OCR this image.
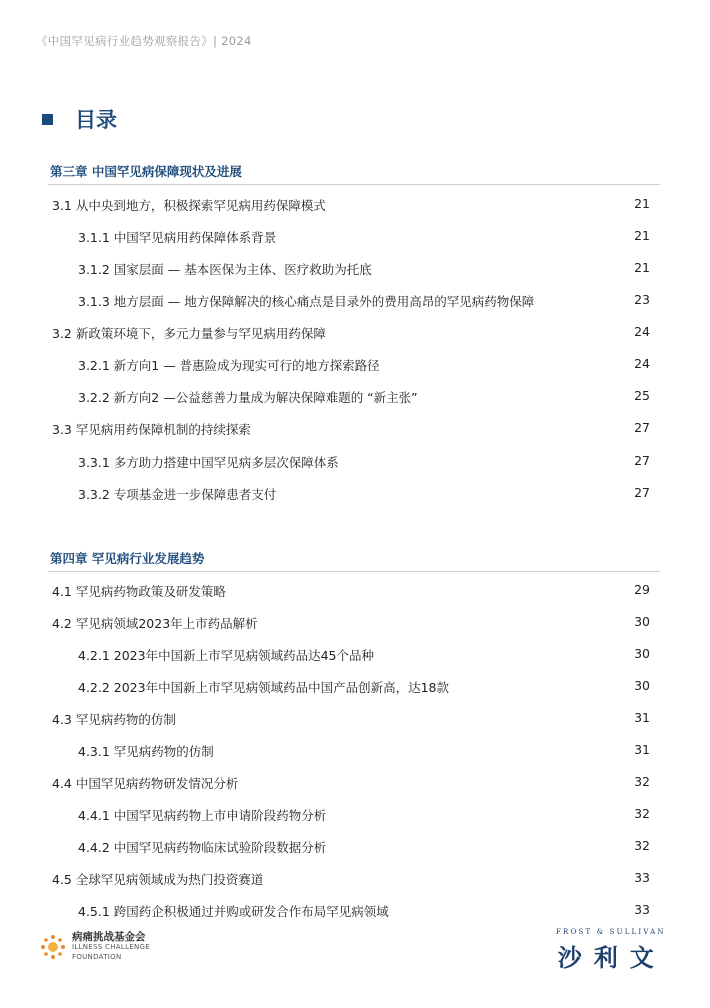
《中国罕见病行业趋势观察报告》| 2024
目录
第三章 中国罕见病保障现状及进展
3.1 从中央到地方，积极探索罕见病用药保障模式	21
3.1.1 中国罕见病用药保障体系背景	21
3.1.2 国家层面 — 基本医保为主体、医疗救助为托底	21
3.1.3 地方层面 — 地方保障解决的核心痛点是目录外的费用高昂的罕见病药物保障	23
3.2 新政策环境下，多元力量参与罕见病用药保障	24
3.2.1 新方向1 — 普惠险成为现实可行的地方探索路径	24
3.2.2 新方向2 —公益慈善力量成为解决保障难题的 “新主张”	25
3.3 罕见病用药保障机制的持续探索	27
3.3.1 多方助力搭建中国罕见病多层次保障体系	27
3.3.2 专项基金进一步保障患者支付	27
第四章 罕见病行业发展趋势
4.1 罕见病药物政策及研发策略	29
4.2 罕见病领域2023年上市药品解析	30
4.2.1 2023年中国新上市罕见病领域药品达45个品种	30
4.2.2 2023年中国新上市罕见病领域药品中国产品创新高，达18款	30
4.3 罕见病药物的仿制	31
4.3.1 罕见病药物的仿制	31
4.4 中国罕见病药物研发情况分析	32
4.4.1 中国罕见病药物上市申请阶段药物分析	32
4.4.2 中国罕见病药物临床试验阶段数据分析	32
4.5 全球罕见病领域成为热门投资赛道	33
4.5.1 跨国药企积极通过并购或研发合作布局罕见病领域	33
病痛挑战基金会
ILLNESS CHALLENGE
FOUNDATION
FROST & SULLIVAN
沙利文
